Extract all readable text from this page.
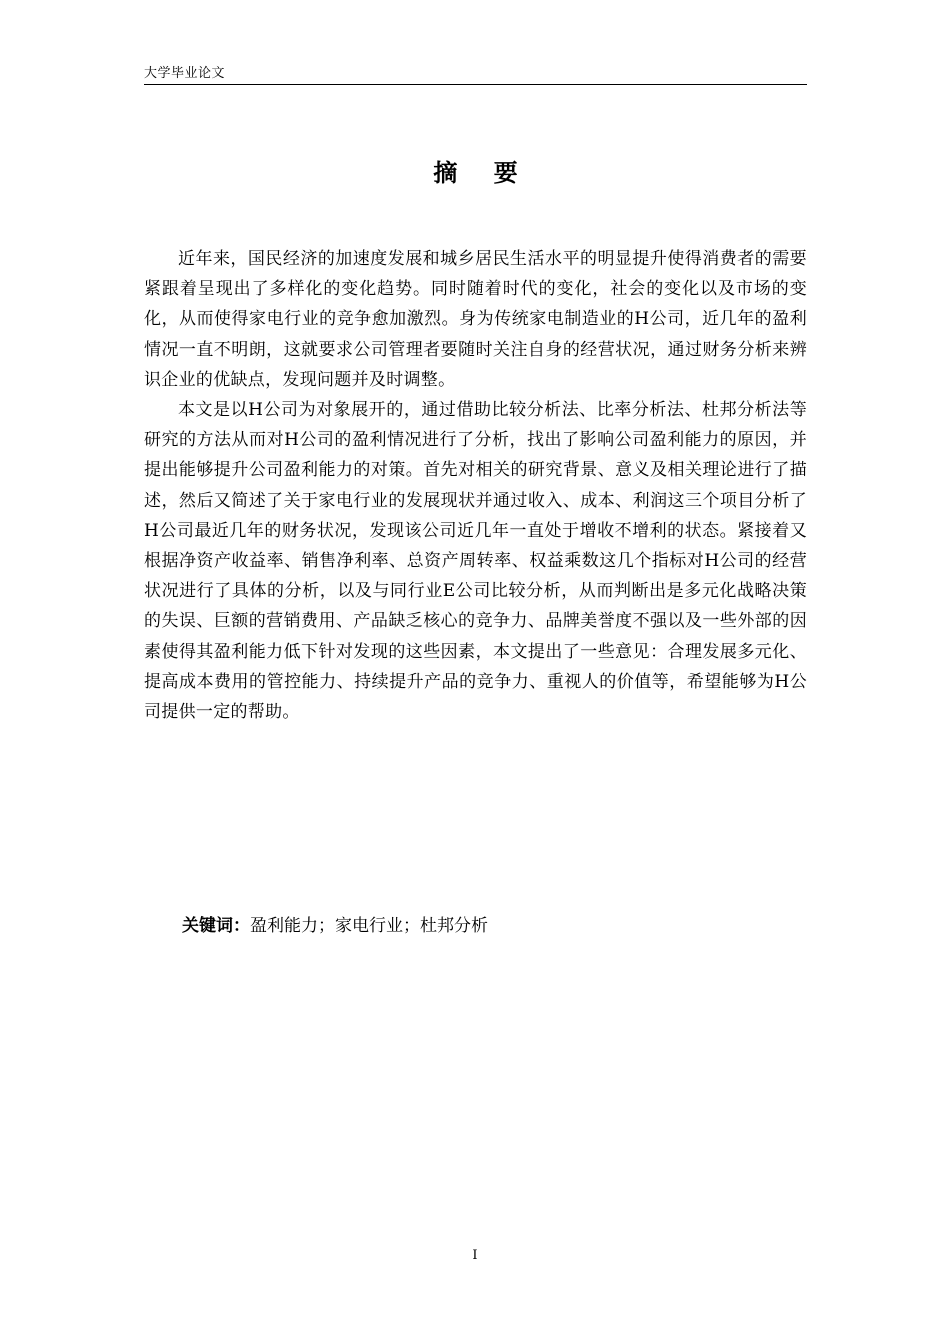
大学毕业论文
摘 要

近年来，国民经济的加速度发展和城乡居民生活水平的明显提升使得消费者的需要紧跟着呈现出了多样化的变化趋势。同时随着时代的变化，社会的变化以及市场的变化，从而使得家电行业的竞争愈加激烈。身为传统家电制造业的H公司，近几年的盈利情况一直不明朗，这就要求公司管理者要随时关注自身的经营状况，通过财务分析来辨识企业的优缺点，发现问题并及时调整。

本文是以H公司为对象展开的，通过借助比较分析法、比率分析法、杜邦分析法等研究的方法从而对H公司的盈利情况进行了分析，找出了影响公司盈利能力的原因，并提出能够提升公司盈利能力的对策。首先对相关的研究背景、意义及相关理论进行了描述，然后又简述了关于家电行业的发展现状并通过收入、成本、利润这三个项目分析了H公司最近几年的财务状况，发现该公司近几年一直处于增收不增利的状态。紧接着又根据净资产收益率、销售净利率、总资产周转率、权益乘数这几个指标对H公司的经营状况进行了具体的分析，以及与同行业E公司比较分析，从而判断出是多元化战略决策的失误、巨额的营销费用、产品缺乏核心的竞争力、品牌美誉度不强以及一些外部的因素使得其盈利能力低下针对发现的这些因素，本文提出了一些意见：合理发展多元化、提高成本费用的管控能力、持续提升产品的竞争力、重视人的价值等，希望能够为H公司提供一定的帮助。

关键词：盈利能力；家电行业；杜邦分析
I
